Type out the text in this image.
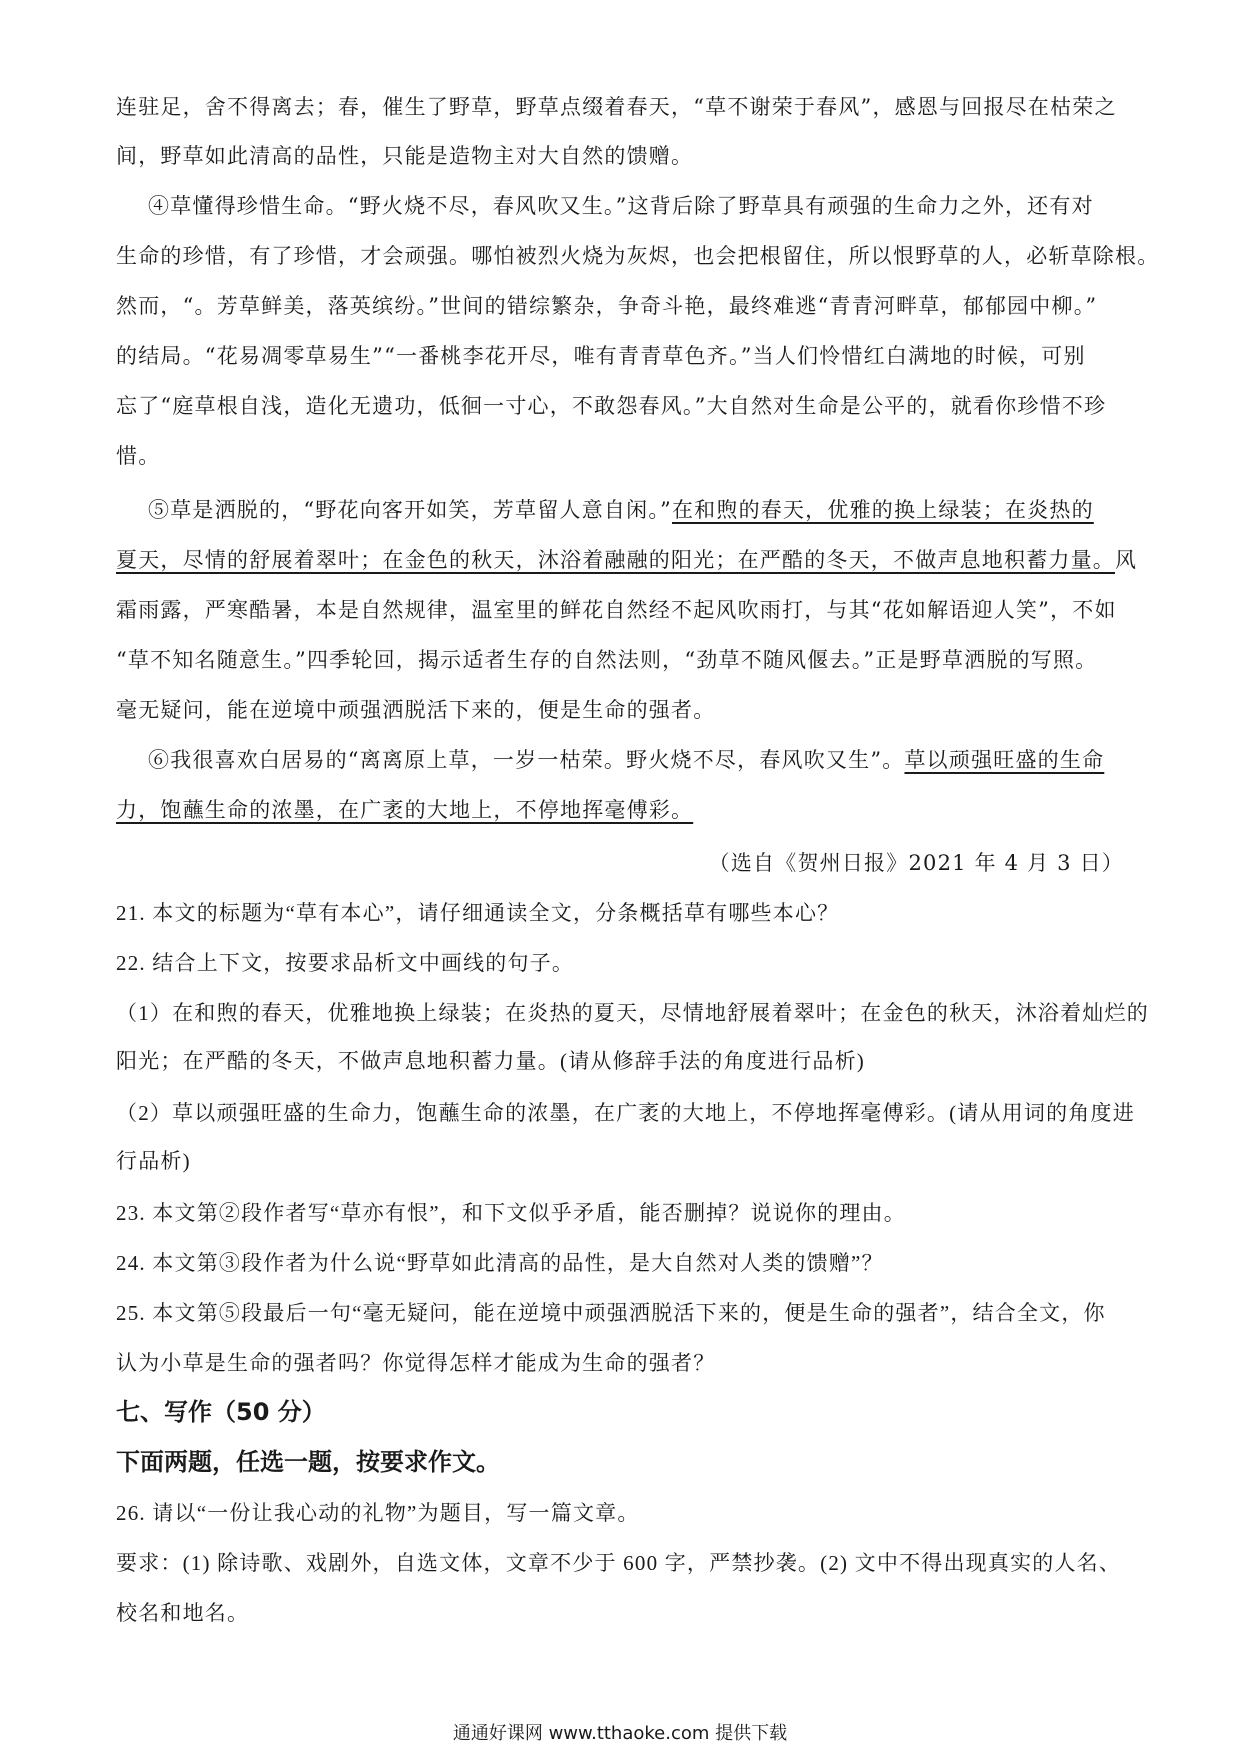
连驻足，舍不得离去；春，催生了野草，野草点缀着春天，“草不谢荣于春风”，感恩与回报尽在枯荣之
间，野草如此清高的品性，只能是造物主对大自然的馈赠。
④草懂得珍惜生命。“野火烧不尽，春风吹又生。”这背后除了野草具有顽强的生命力之外，还有对
生命的珍惜，有了珍惜，才会顽强。哪怕被烈火烧为灰烬，也会把根留住，所以恨野草的人，必斩草除根。
然而，“。芳草鲜美，落英缤纷。”世间的错综繁杂，争奇斗艳，最终难逃“青青河畔草，郁郁园中柳。”
的结局。“花易凋零草易生”“一番桃李花开尽，唯有青青草色齐。”当人们怜惜红白满地的时候，可别
忘了“庭草根自浅，造化无遗功，低徊一寸心，不敢怨春风。”大自然对生命是公平的，就看你珍惜不珍
惜。
⑤草是洒脱的，“野花向客开如笑，芳草留人意自闲。”在和煦的春天，优雅的换上绿装；在炎热的
夏天，尽情的舒展着翠叶；在金色的秋天，沐浴着融融的阳光；在严酷的冬天，不做声息地积蓄力量。风
霜雨露，严寒酷暑，本是自然规律，温室里的鲜花自然经不起风吹雨打，与其“花如解语迎人笑”，不如
“草不知名随意生。”四季轮回，揭示适者生存的自然法则，“劲草不随风偃去。”正是野草洒脱的写照。
毫无疑问，能在逆境中顽强洒脱活下来的，便是生命的强者。
⑥我很喜欢白居易的“离离原上草，一岁一枯荣。野火烧不尽，春风吹又生”。草以顽强旺盛的生命
力，饱蘸生命的浓墨，在广袤的大地上，不停地挥毫傅彩。
（选自《贺州日报》2021 年 4 月 3 日）
21. 本文的标题为“草有本心”，请仔细通读全文，分条概括草有哪些本心？
22. 结合上下文，按要求品析文中画线的句子。
（1）在和煦的春天，优雅地换上绿装；在炎热的夏天，尽情地舒展着翠叶；在金色的秋天，沐浴着灿烂的
阳光；在严酷的冬天，不做声息地积蓄力量。(请从修辞手法的角度进行品析)
（2）草以顽强旺盛的生命力，饱蘸生命的浓墨，在广袤的大地上，不停地挥毫傅彩。(请从用词的角度进
行品析)
23. 本文第②段作者写“草亦有恨”，和下文似乎矛盾，能否删掉？说说你的理由。
24. 本文第③段作者为什么说“野草如此清高的品性，是大自然对人类的馈赠”？
25. 本文第⑤段最后一句“毫无疑问，能在逆境中顽强洒脱活下来的，便是生命的强者”，结合全文，你
认为小草是生命的强者吗？你觉得怎样才能成为生命的强者？
七、写作（50 分）
下面两题，任选一题，按要求作文。
26. 请以“一份让我心动的礼物”为题目，写一篇文章。
要求：(1) 除诗歌、戏剧外，自选文体，文章不少于 600 字，严禁抄袭。(2) 文中不得出现真实的人名、
校名和地名。
通通好课网 www.tthaoke.com 提供下载
